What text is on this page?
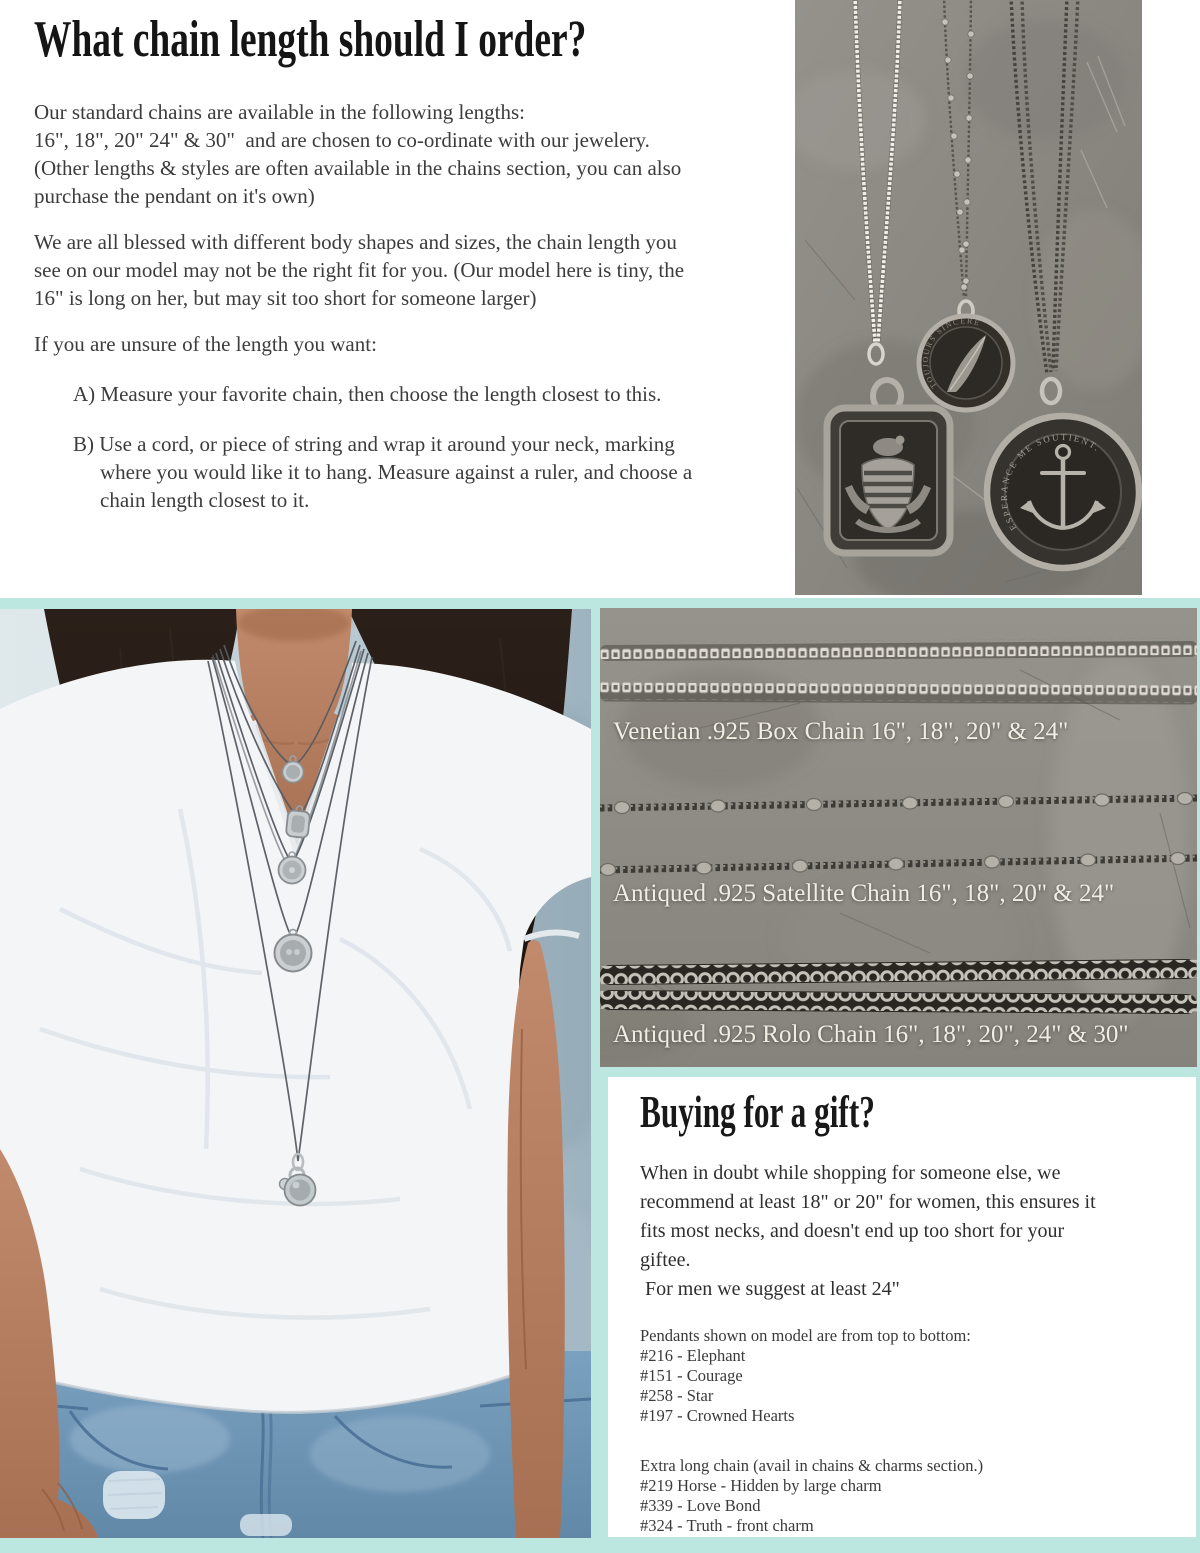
What chain length should I order?
Our standard chains are available in the following lengths:
16", 18", 20" 24" & 30"  and are chosen to co-ordinate with our jewelery.
(Other lengths & styles are often available in the chains section, you can also
purchase the pendant on it's own)
We are all blessed with different body shapes and sizes, the chain length you
see on our model may not be the right fit for you. (Our model here is tiny, the
16" is long on her, but may sit too short for someone larger)
If you are unsure of the length you want:
A) Measure your favorite chain, then choose the length closest to this.
B) Use a cord, or piece of string and wrap it around your neck, marking
where you would like it to hang. Measure against a ruler, and choose a
chain length closest to it.
TOUJOURS SINCERE
ESPERANCE ME SOUTIENT.
Venetian .925 Box Chain 16", 18", 20" & 24"
Antiqued .925 Satellite Chain 16", 18", 20" & 24"
Antiqued .925 Rolo Chain 16", 18", 20", 24" & 30"
Buying for a gift?
When in doubt while shopping for someone else, we
recommend at least 18" or 20" for women, this ensures it
fits most necks, and doesn't end up too short for your
giftee.
For men we suggest at least 24"
Pendants shown on model are from top to bottom:
#216 - Elephant
#151 - Courage
#258 - Star
#197 - Crowned Hearts
Extra long chain (avail in chains & charms section.)
#219 Horse - Hidden by large charm
#339 - Love Bond
#324 - Truth - front charm
